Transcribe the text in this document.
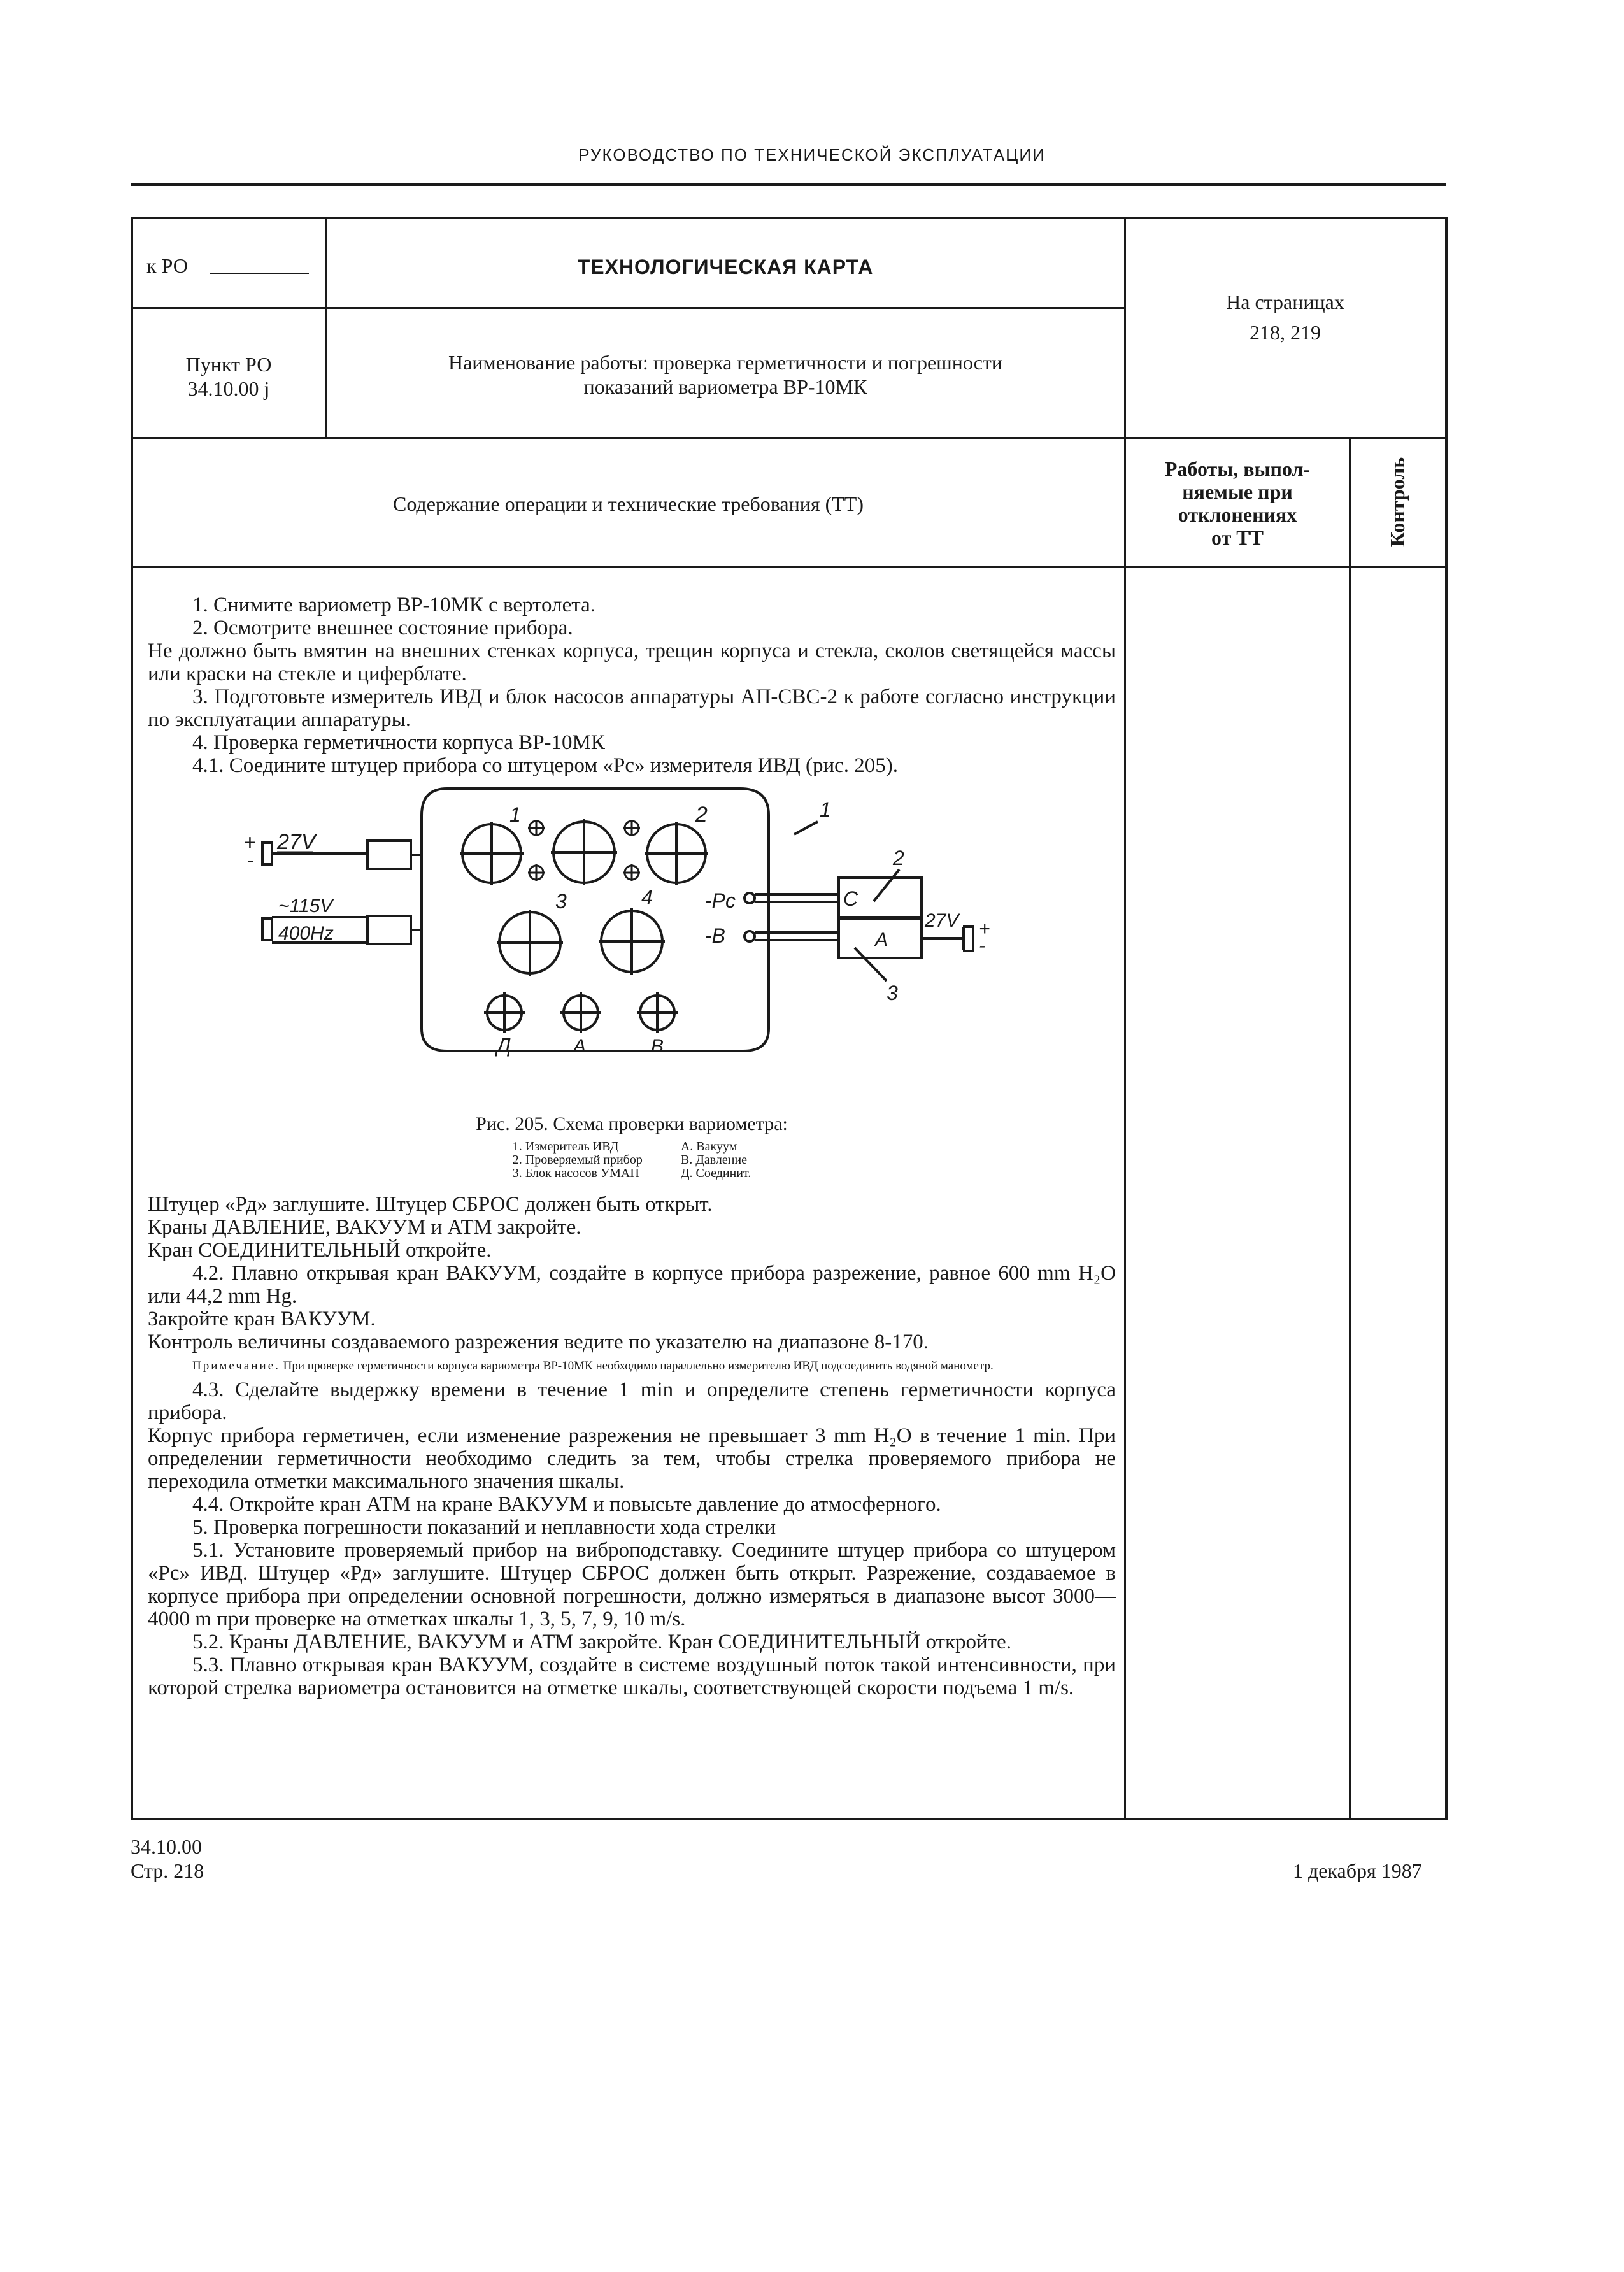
РУКОВОДСТВО ПО ТЕХНИЧЕСКОЙ ЭКСПЛУАТАЦИИ
к РО	ТЕХНОЛОГИЧЕСКАЯ КАРТА
На страницах
218, 219
Пункт РО
34.10.00 ј
Наименование работы: проверка герметичности и погрешности
показаний вариометра ВР-10МК
Содержание операции и технические требования (ТТ)
Работы, выпол-
няемые при
отклонениях
от ТТ	Контроль

1. Снимите вариометр ВР-10МК с вертолета.

2. Осмотрите внешнее состояние прибора.

Не должно быть вмятин на внешних стенках корпуса, трещин корпуса и стекла, сколов светящейся массы или краски на стекле и циферблате.

3. Подготовьте измеритель ИВД и блок насосов аппаратуры АП-СВС-2 к работе согласно инструкции по эксплуатации аппаратуры.

4. Проверка герметичности корпуса ВР-10МК

4.1. Соедините штуцер прибора со штуцером «Рс» измерителя ИВД (рис. 205).

27V
+
-
~115V
400Hz
27V +
-
-Рс
-В
С
А
1	2
3	4
1
2
3
Д	А	В
Рис. 205. Схема проверки вариометра:
1. Измеритель ИВД
2. Проверяемый прибор
3. Блок насосов УМАП
А. Вакуум
В. Давление
Д. Соединит.

Штуцер «Рд» заглушите. Штуцер СБРОС должен быть открыт.

Краны ДАВЛЕНИЕ, ВАКУУМ и АТМ закройте.

Кран СОЕДИНИТЕЛЬНЫЙ откройте.

4.2. Плавно открывая кран ВАКУУМ, создайте в корпусе прибора разрежение, равное 600 mm H₂O или 44,2 mm Hg.

Закройте кран ВАКУУМ.

Контроль величины создаваемого разрежения ведите по указателю на диапазоне 8-170.

Примечание. При проверке герметичности корпуса вариометра ВР-10МК необходимо параллельно измерителю ИВД подсоединить водяной манометр.

4.3. Сделайте выдержку времени в течение 1 min и определите степень герметичности корпуса прибора.

Корпус прибора герметичен, если изменение разрежения не превышает 3 mm H₂O в течение 1 min. При определении герметичности необходимо следить за тем, чтобы стрелка проверяемого прибора не переходила отметки максимального значения шкалы.

4.4. Откройте кран АТМ на кране ВАКУУМ и повысьте давление до атмосферного.

5. Проверка погрешности показаний и неплавности хода стрелки

5.1. Установите проверяемый прибор на виброподставку. Соедините штуцер прибора со штуцером «Рс» ИВД. Штуцер «Рд» заглушите. Штуцер СБРОС должен быть открыт. Разрежение, создаваемое в корпусе прибора при определении основной погрешности, должно измеряться в диапазоне высот 3000—4000 m при проверке на отметках шкалы 1, 3, 5, 7, 9, 10 m/s.

5.2. Краны ДАВЛЕНИЕ, ВАКУУМ и АТМ закройте. Кран СОЕДИНИТЕЛЬНЫЙ откройте.

5.3. Плавно открывая кран ВАКУУМ, создайте в системе воздушный поток такой интенсивности, при которой стрелка вариометра остановится на отметке шкалы, соответствующей скорости подъема 1 m/s.

34.10.00
Стр. 218	1 декабря 1987
